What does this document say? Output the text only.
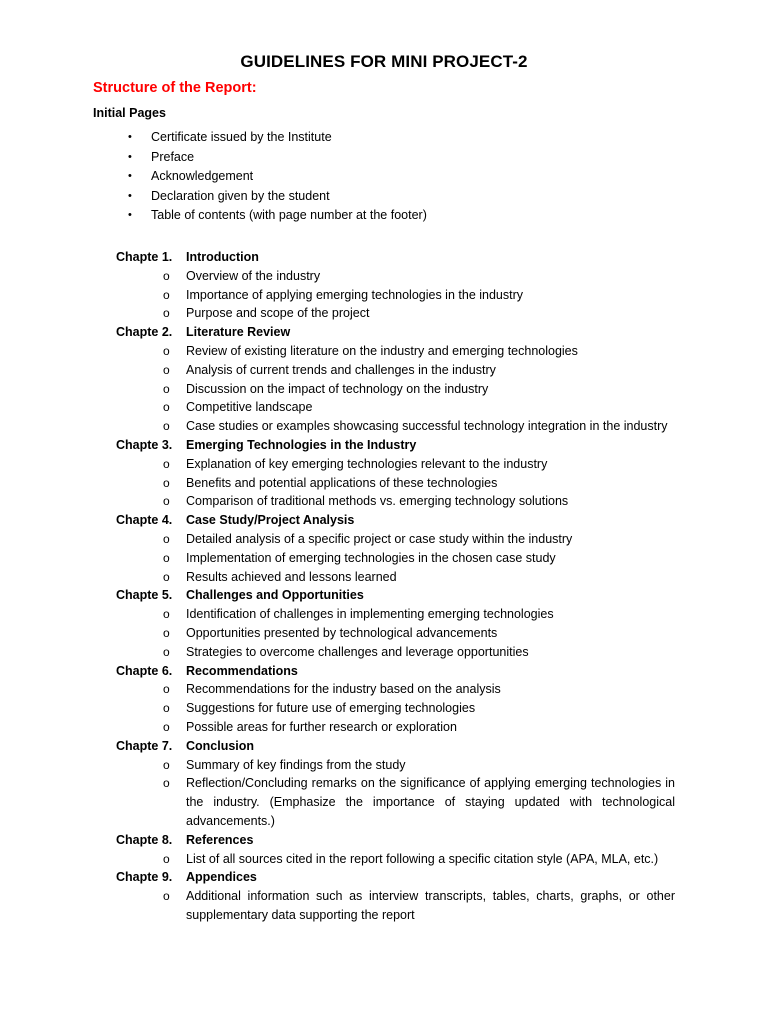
GUIDELINES FOR MINI PROJECT-2
Structure of the Report:
Initial Pages
• Certificate issued by the Institute
• Preface
• Acknowledgement
• Declaration given by the student
• Table of contents (with page number at the footer)
Chapte 1. Introduction
o Overview of the industry
o Importance of applying emerging technologies in the industry
o Purpose and scope of the project
Chapte 2. Literature Review
o Review of existing literature on the industry and emerging technologies
o Analysis of current trends and challenges in the industry
o Discussion on the impact of technology on the industry
o Competitive landscape
o Case studies or examples showcasing successful technology integration in the industry
Chapte 3. Emerging Technologies in the Industry
o Explanation of key emerging technologies relevant to the industry
o Benefits and potential applications of these technologies
o Comparison of traditional methods vs. emerging technology solutions
Chapte 4. Case Study/Project Analysis
o Detailed analysis of a specific project or case study within the industry
o Implementation of emerging technologies in the chosen case study
o Results achieved and lessons learned
Chapte 5. Challenges and Opportunities
o Identification of challenges in implementing emerging technologies
o Opportunities presented by technological advancements
o Strategies to overcome challenges and leverage opportunities
Chapte 6. Recommendations
o Recommendations for the industry based on the analysis
o Suggestions for future use of emerging technologies
o Possible areas for further research or exploration
Chapte 7. Conclusion
o Summary of key findings from the study
o Reflection/Concluding remarks on the significance of applying emerging technologies in the industry. (Emphasize the importance of staying updated with technological advancements.)
Chapte 8. References
o List of all sources cited in the report following a specific citation style (APA, MLA, etc.)
Chapte 9. Appendices
o Additional information such as interview transcripts, tables, charts, graphs, or other supplementary data supporting the report
